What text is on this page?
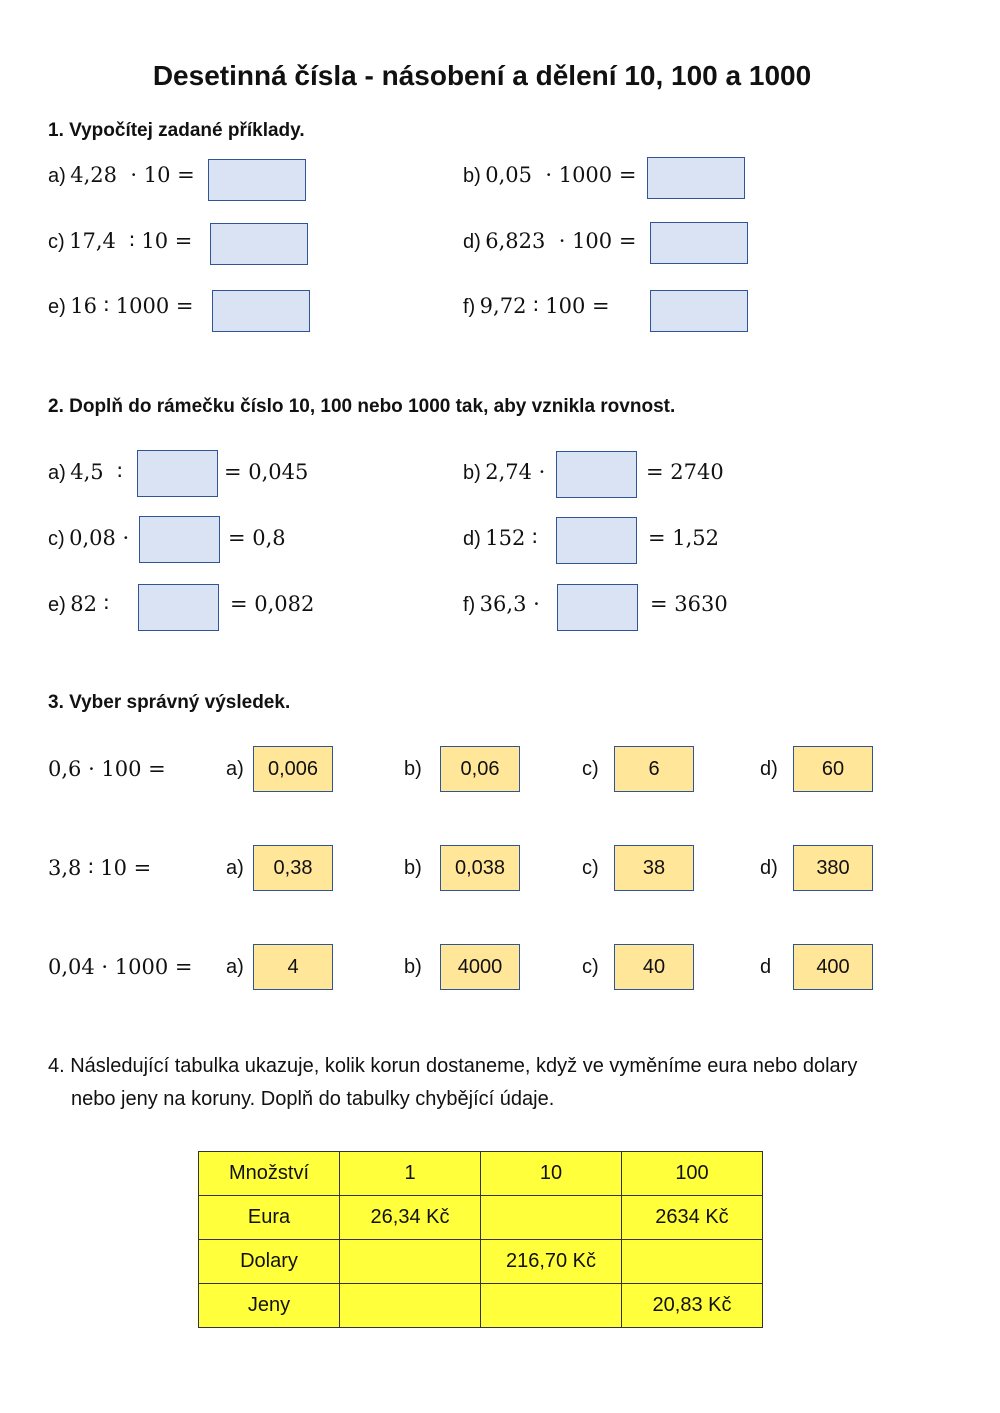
Desetinná čísla - násobení a dělení 10, 100 a 1000
1. Vypočítej zadané příklady.
a) 4,28  · 10 =	b) 0,05  · 1000 =
c) 17,4  ∶ 10 =	d) 6,823  · 100 =
e) 16 ∶ 1000 =	f) 9,72 ∶ 100 =
2. Doplň do rámečku číslo 10, 100 nebo 1000 tak, aby vznikla rovnost.
a) 4,5  ∶	= 0,045	b) 2,74 ·	= 2740
c) 0,08 ·	= 0,8	d) 152 ∶	= 1,52
e) 82 ∶	= 0,082	f) 36,3 ·	= 3630
3. Vyber správný výsledek.
0,6 · 100 =	a)	0,006	b)	0,06	c)	6	d)	60
3,8 ∶ 10 =	a)	0,38	b)	0,038	c)	38	d)	380
0,04 · 1000 = a)	4	b)	4000	c)	40	d	400
4. Následující tabulka ukazuje, kolik korun dostaneme, když ve vyměníme eura nebo dolary
nebo jeny na koruny. Doplň do tabulky chybějící údaje.
Množství	1	10	100
Eura	26,34 Kč		2634 Kč
Dolary		216,70 Kč	
Jeny			20,83 Kč
